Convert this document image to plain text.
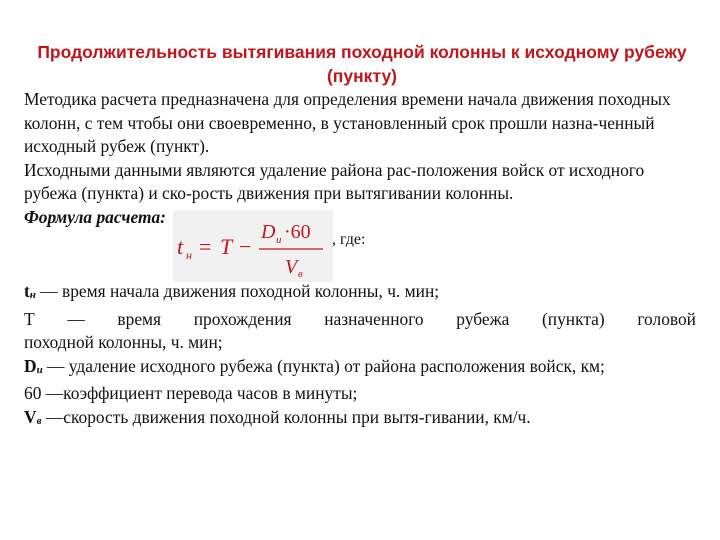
Продолжительность вытягивания походной колонны к исходному рубежу (пункту)

Методика расчета предназначена для определения времени начала движения походных колонн, с тем чтобы они своевременно, в установленный срок прошли назна-ченный исходный рубеж (пункт).

Исходными данными являются удаление района рас-положения войск от исходного рубежа (пункта) и ско-рость движения при вытягивании колонны.

Формула расчета:

t н = T −
D и ·60
V в
, где:

$t_н$ — время начала движения походной колонны, ч. мин;

Т — время прохождения назначенного рубежа (пункта) головой

походной колонны, ч. мин;

$D_и$ — удаление исходного рубежа (пункта) от района расположения войск, км;

60 —коэффициент перевода часов в минуты;

$V_в$ —скорость движения походной колонны при вытя-гивании, км/ч.
